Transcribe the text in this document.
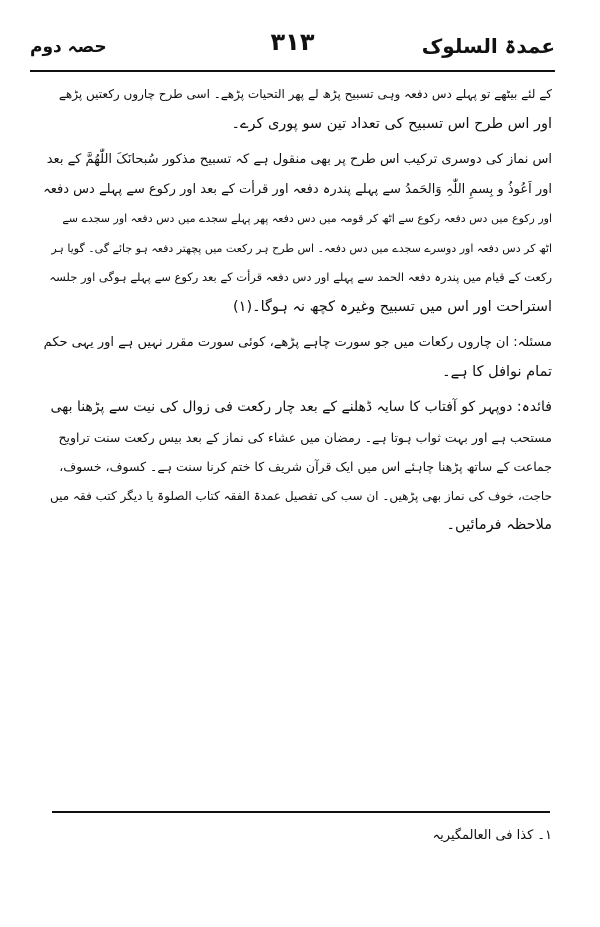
عمدۃ السلوک
۳۱۳
حصہ دوم

کے لئے بیٹھے تو پہلے دس دفعہ وہی تسبیح پڑھ لے پھر التحیات پڑھے۔ اسی طرح چاروں رکعتیں پڑھے

اور اس طرح اس تسبیح کی تعداد تین سو پوری کرے۔

اس نماز کی دوسری ترکیب اس طرح پر بھی منقول ہے کہ تسبیح مذکور سُبحانَکَ اللّٰھُمَّ کے بعد

اور اَعُوذُ و بِسمِ اللّٰہِ وَالحَمدُ سے پہلے پندرہ دفعہ اور قرأت کے بعد اور رکوع سے پہلے دس دفعہ

اور رکوع میں دس دفعہ رکوع سے اٹھ کر قومہ میں دس دفعہ پھر پہلے سجدے میں دس دفعہ اور سجدے سے

اٹھ کر دس دفعہ اور دوسرے سجدے میں دس دفعہ۔ اس طرح ہر رکعت میں پچھتر دفعہ ہو جائے گی۔ گویا ہر

رکعت کے قیام میں پندرہ دفعہ الحمد سے پہلے اور دس دفعہ قرأت کے بعد رکوع سے پہلے ہوگی اور جلسہ

استراحت اور اس میں تسبیح وغیرہ کچھ نہ ہوگا۔(۱)

مسئلہ: ان چاروں رکعات میں جو سورت چاہے پڑھے، کوئی سورت مقرر نہیں ہے اور یہی حکم

تمام نوافل کا ہے۔

فائدہ: دوپہر کو آفتاب کا سایہ ڈھلنے کے بعد چار رکعت فی زوال کی نیت سے پڑھنا بھی

مستحب ہے اور بہت ثواب ہوتا ہے۔ رمضان میں عشاء کی نماز کے بعد بیس رکعت سنت تراویح

جماعت کے ساتھ پڑھنا چاہئے اس میں ایک قرآن شریف کا ختم کرنا سنت ہے۔ کسوف، خسوف،

حاجت، خوف کی نماز بھی پڑھیں۔ ان سب کی تفصیل عمدۃ الفقہ کتاب الصلوۃ یا دیگر کتب فقہ میں

ملاحظہ فرمائیں۔

۱۔ کذا فی العالمگیریہ
